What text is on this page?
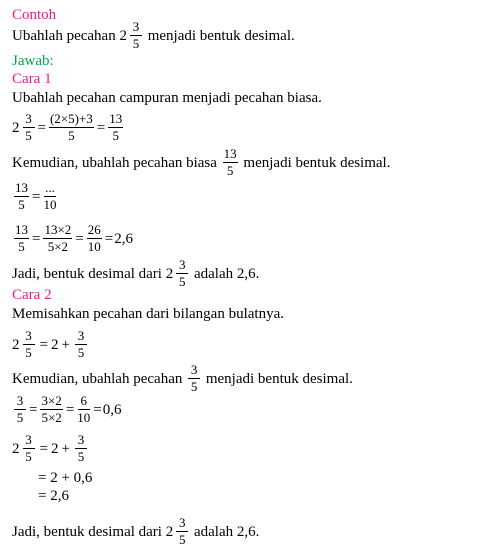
Contoh
Ubahlah pecahan
$2 \frac{3}{5}$
menjadi bentuk desimal.
Jawab:
Cara 1
Ubahlah pecahan campuran menjadi pecahan biasa.
$2 \frac{3}{5} = \frac{(2\times 5)+3}{5} = \frac{13}{5}$
Kemudian, ubahlah pecahan biasa
$\frac{13}{5}$
menjadi bentuk desimal.
$\frac{13}{5} = \frac{...}{10}$
$\frac{13}{5} = \frac{13\times 2}{5\times 2} = \frac{26}{10} = 2,6$
Jadi, bentuk desimal dari
$2 \frac{3}{5}$
adalah 2,6.
Cara 2
Memisahkan pecahan dari bilangan bulatnya.
$2 \frac{3}{5} = 2 + \frac{3}{5}$
Kemudian, ubahlah pecahan
$\frac{3}{5}$
menjadi bentuk desimal.
$\frac{3}{5} = \frac{3\times 2}{5\times 2} = \frac{6}{10} = 0,6$
$2 \frac{3}{5} = 2 + \frac{3}{5}$
= 2 + 0,6
= 2,6
Jadi, bentuk desimal dari
$2 \frac{3}{5}$
adalah 2,6.
